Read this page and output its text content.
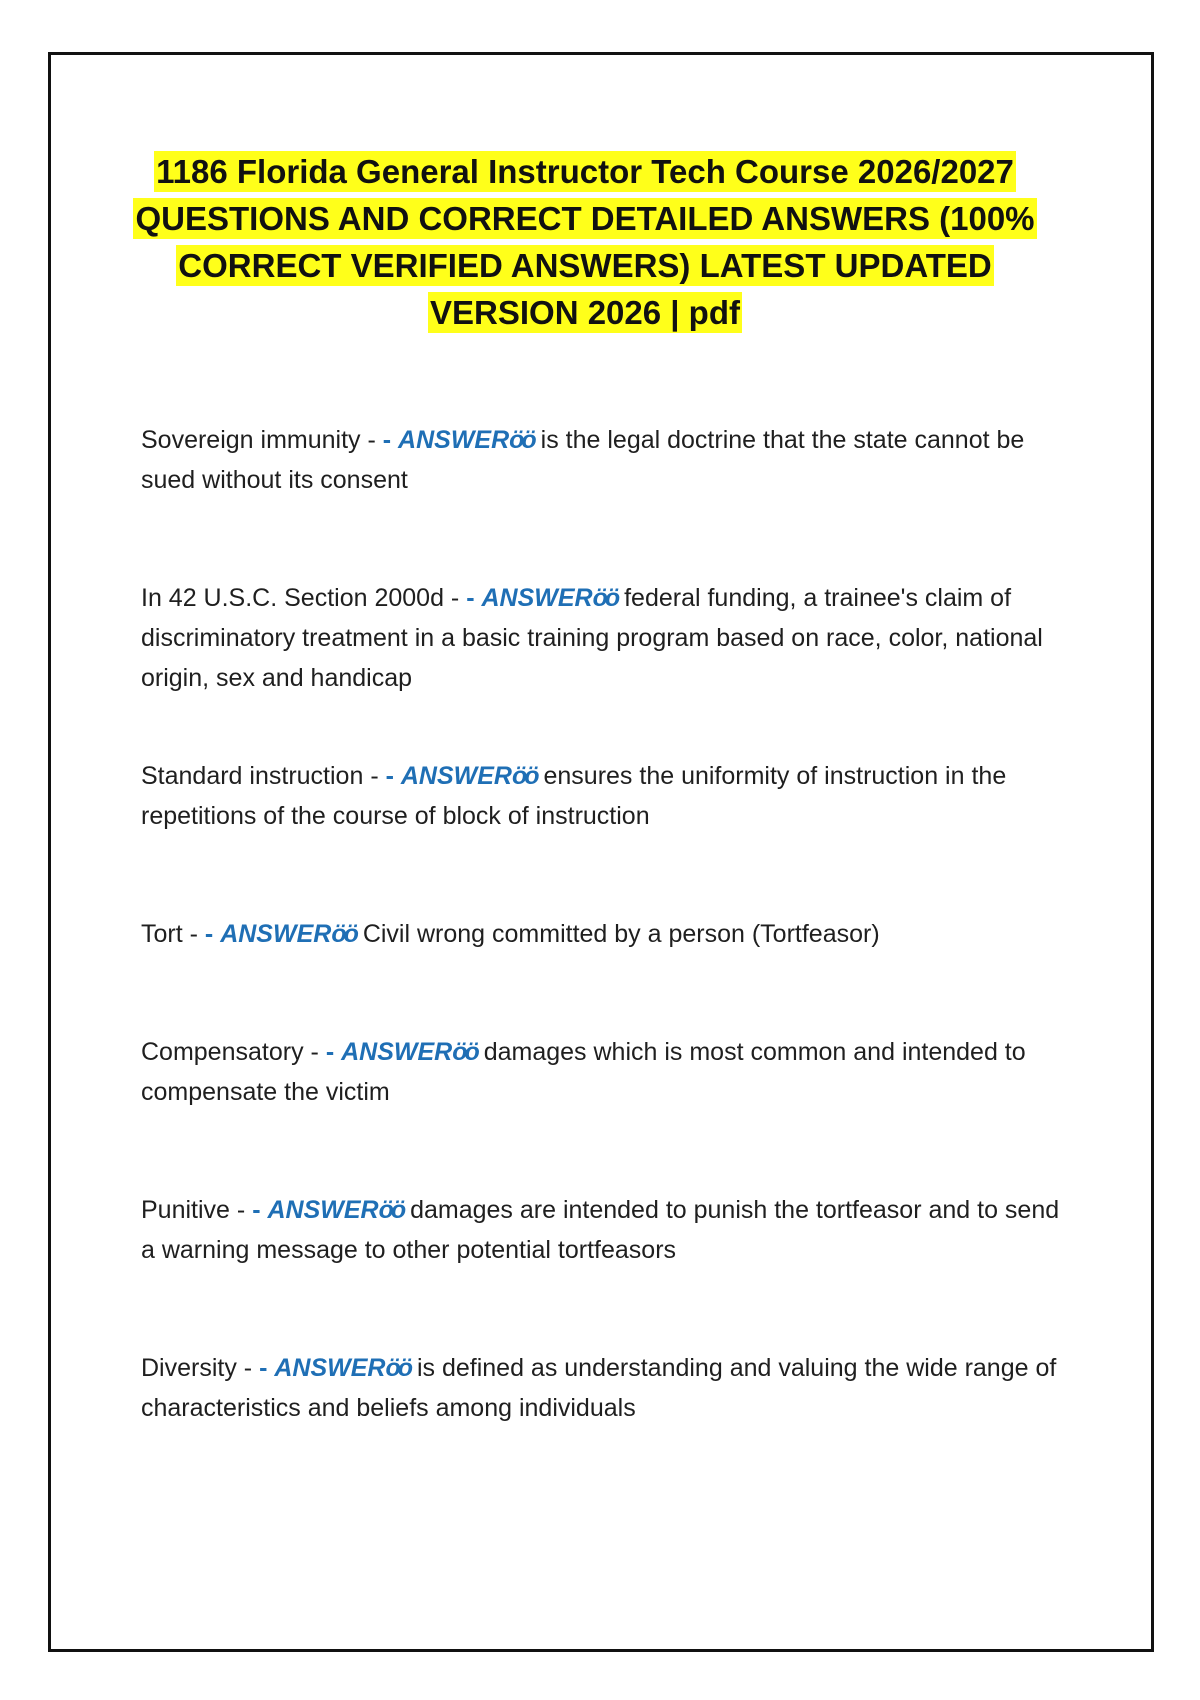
1186 Florida General Instructor Tech Course 2026/2027 QUESTIONS AND CORRECT DETAILED ANSWERS (100% CORRECT VERIFIED ANSWERS) LATEST UPDATED VERSION 2026 | pdf
Sovereign immunity - - ANSWERӧӧ is the legal doctrine that the state cannot be sued without its consent
In 42 U.S.C. Section 2000d - - ANSWERӧӧ federal funding, a trainee's claim of discriminatory treatment in a basic training program based on race, color, national origin, sex and handicap
Standard instruction - - ANSWERӧӧ ensures the uniformity of instruction in the repetitions of the course of block of instruction
Tort - - ANSWERӧӧ Civil wrong committed by a person (Tortfeasor)
Compensatory - - ANSWERӧӧ damages which is most common and intended to compensate the victim
Punitive - - ANSWERӧӧ damages are intended to punish the tortfeasor and to send a warning message to other potential tortfeasors
Diversity - - ANSWERӧӧ is defined as understanding and valuing the wide range of characteristics and beliefs among individuals
